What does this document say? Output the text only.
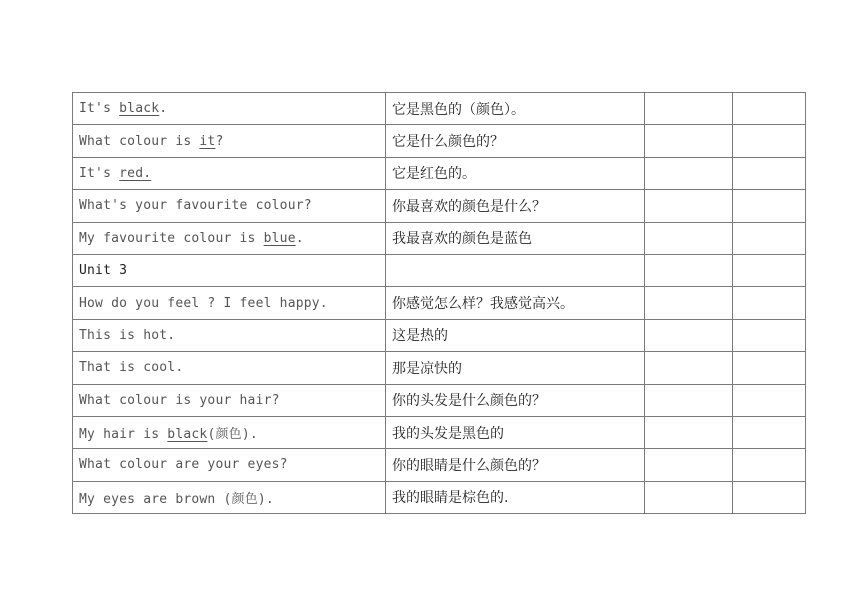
It's black.	它是黑色的（颜色）。		
What colour is it?	它是什么颜色的？		
It's red.	它是红色的。		
What's your favourite colour?	你最喜欢的颜色是什么？		
My favourite colour is blue.	我最喜欢的颜色是蓝色		
Unit 3			
How do you feel ? I feel happy.	你感觉怎么样？我感觉高兴。		
This is hot.	这是热的		
That is cool.	那是凉快的		
What colour is your hair?	你的头发是什么颜色的？		
My hair is black(颜色).	我的头发是黑色的		
What colour are your eyes?	你的眼睛是什么颜色的？		
My eyes are brown (颜色).	我的眼睛是棕色的.		
